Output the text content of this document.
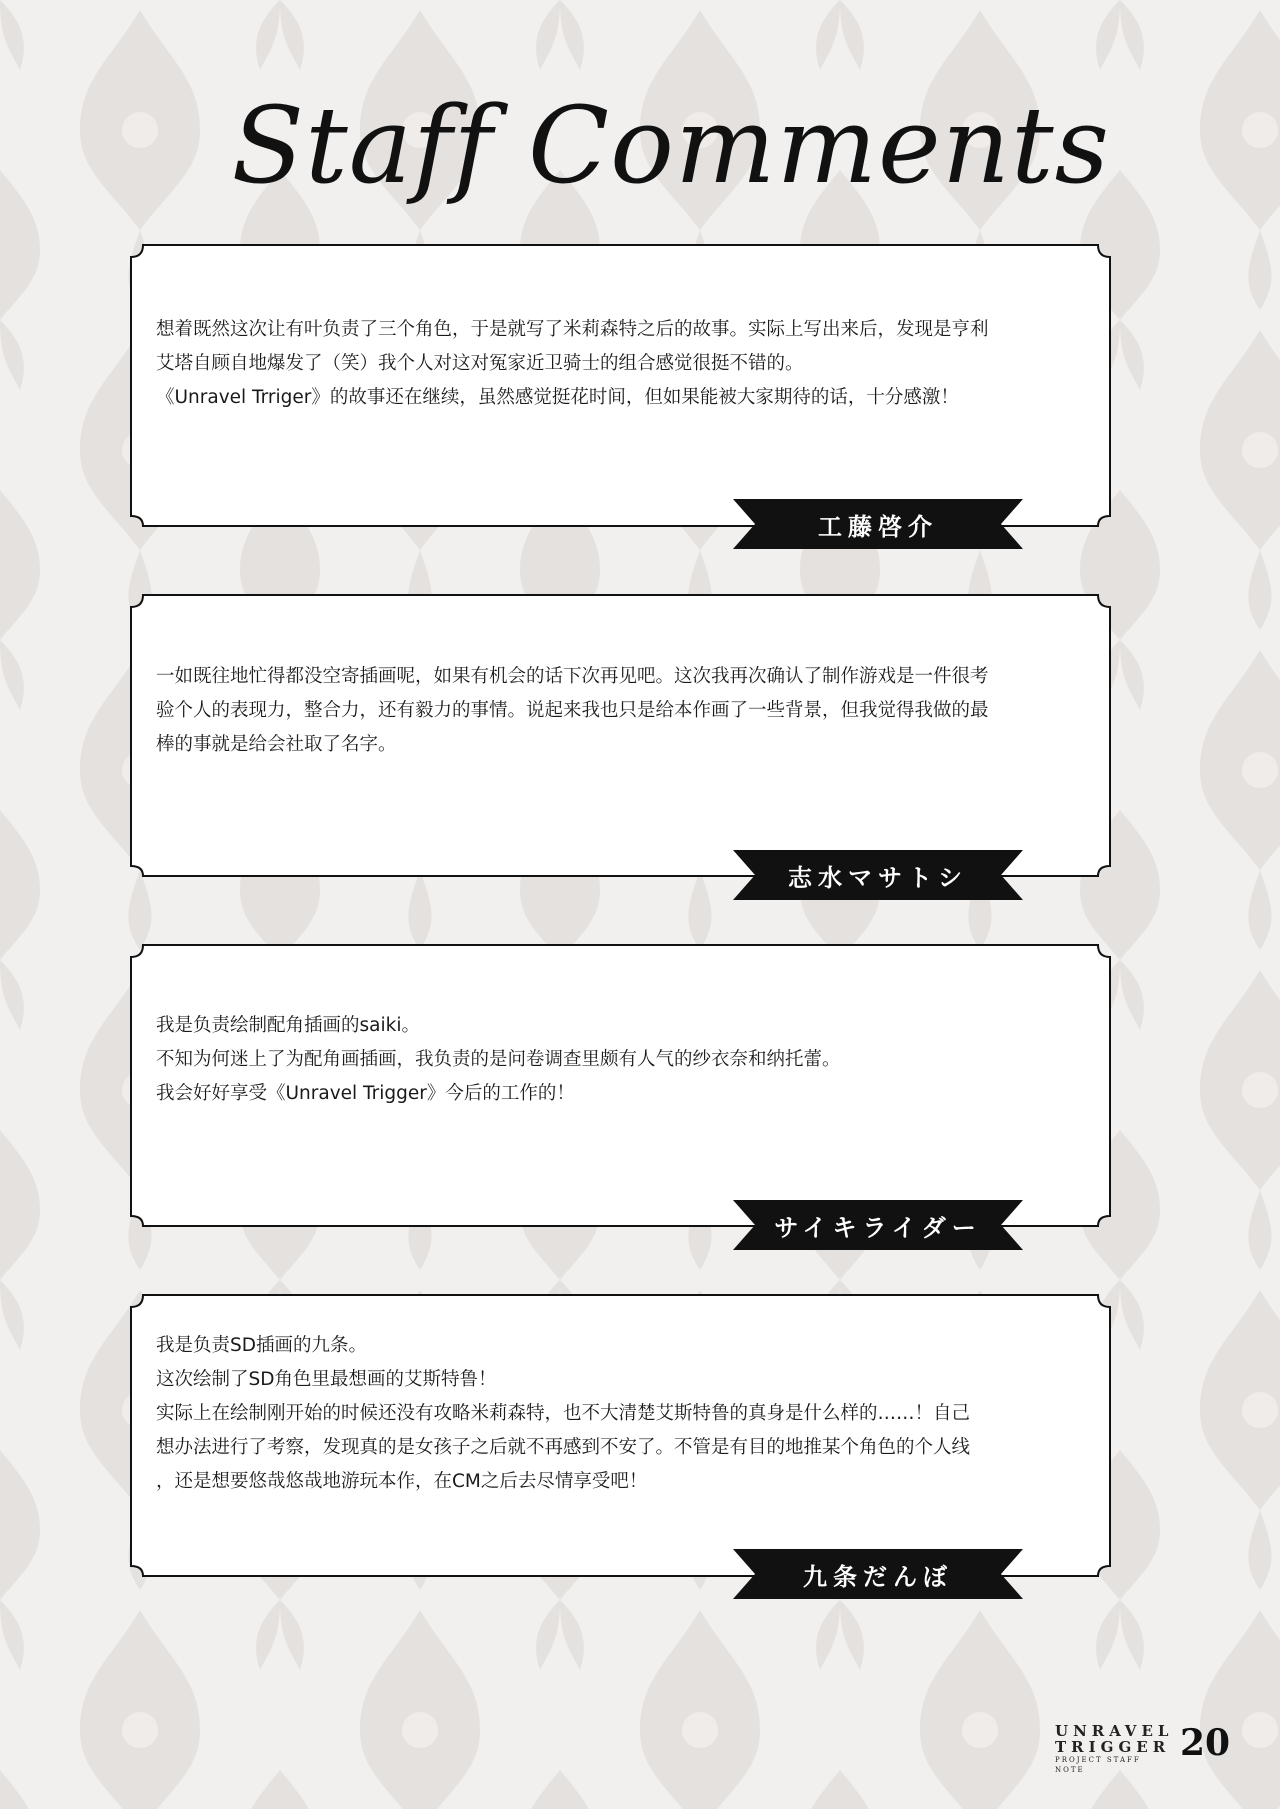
Staff Comments
想着既然这次让有叶负责了三个角色，于是就写了米莉森特之后的故事。实际上写出来后，发现是亨利
艾塔自顾自地爆发了（笑）我个人对这对冤家近卫骑士的组合感觉很挺不错的。
《Unravel Trriger》的故事还在继续，虽然感觉挺花时间，但如果能被大家期待的话，十分感激！
工藤啓介
一如既往地忙得都没空寄插画呢，如果有机会的话下次再见吧。这次我再次确认了制作游戏是一件很考
验个人的表现力，整合力，还有毅力的事情。说起来我也只是给本作画了一些背景，但我觉得我做的最
棒的事就是给会社取了名字。
志水マサトシ
我是负责绘制配角插画的saiki。
不知为何迷上了为配角画插画，我负责的是问卷调查里颇有人气的纱衣奈和纳托蕾。
我会好好享受《Unravel Trigger》今后的工作的！
サイキライダー
我是负责SD插画的九条。
这次绘制了SD角色里最想画的艾斯特鲁！
实际上在绘制刚开始的时候还没有攻略米莉森特，也不大清楚艾斯特鲁的真身是什么样的……！自己
想办法进行了考察，发现真的是女孩子之后就不再感到不安了。不管是有目的地推某个角色的个人线
，还是想要悠哉悠哉地游玩本作，在CM之后去尽情享受吧！
九条だんぼ
UNRAVEL
TRIGGER
PROJECT STAFF NOTE
20
